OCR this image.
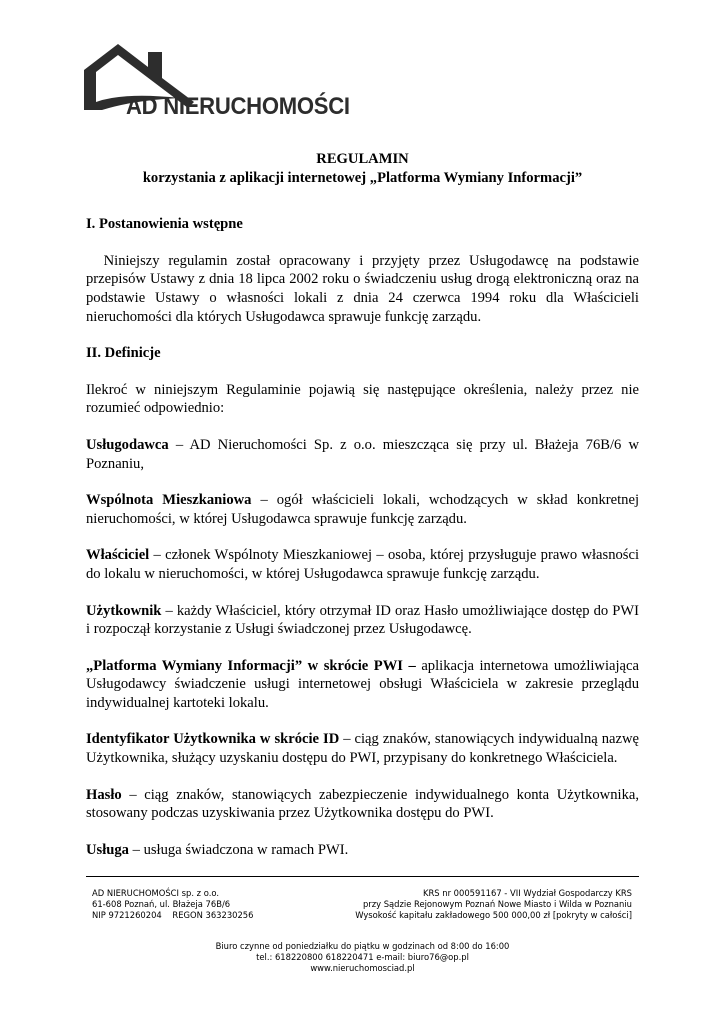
AD NIERUCHOMOŚCI
REGULAMIN
korzystania z aplikacji internetowej „Platforma Wymiany Informacji”
I. Postanowienia wstępne

Niniejszy regulamin został opracowany i przyjęty przez Usługodawcę na podstawie przepisów Ustawy z dnia 18 lipca 2002 roku o świadczeniu usług drogą elektroniczną oraz na podstawie Ustawy o własności lokali z dnia 24 czerwca 1994 roku dla Właścicieli nieruchomości dla których Usługodawca sprawuje funkcję zarządu.

II. Definicje

Ilekroć w niniejszym Regulaminie pojawią się następujące określenia, należy przez nie rozumieć odpowiednio:

Usługodawca – AD Nieruchomości Sp. z o.o. mieszcząca się przy ul. Błażeja 76B/6 w Poznaniu,

Wspólnota Mieszkaniowa – ogół właścicieli lokali, wchodzących w skład konkretnej nieruchomości, w której Usługodawca sprawuje funkcję zarządu.

Właściciel – członek Wspólnoty Mieszkaniowej – osoba, której przysługuje prawo własności do lokalu w nieruchomości, w której Usługodawca sprawuje funkcję zarządu.

Użytkownik – każdy Właściciel, który otrzymał ID oraz Hasło umożliwiające dostęp do PWI i rozpoczął korzystanie z Usługi świadczonej przez Usługodawcę.

„Platforma Wymiany Informacji” w skrócie PWI – aplikacja internetowa umożliwiająca Usługodawcy świadczenie usługi internetowej obsługi Właściciela w zakresie przeglądu indywidualnej kartoteki lokalu.

Identyfikator Użytkownika w skrócie ID – ciąg znaków, stanowiących indywidualną nazwę Użytkownika, służący uzyskaniu dostępu do PWI, przypisany do konkretnego Właściciela.

Hasło – ciąg znaków, stanowiących zabezpieczenie indywidualnego konta Użytkownika, stosowany podczas uzyskiwania przez Użytkownika dostępu do PWI.

Usługa – usługa świadczona w ramach PWI.

AD NIERUCHOMOŚCI sp. z o.o.	KRS nr 000591167 - VII Wydział Gospodarczy KRS
61-608 Poznań, ul. Błażeja 76B/6	przy Sądzie Rejonowym Poznań Nowe Miasto i Wilda w Poznaniu
NIP 9721260204    REGON 363230256	Wysokość kapitału zakładowego 500 000,00 zł [pokryty w całości]
Biuro czynne od poniedziałku do piątku w godzinach od 8:00 do 16:00
tel.: 618220800 618220471 e-mail: biuro76@op.pl
www.nieruchomosciad.pl
